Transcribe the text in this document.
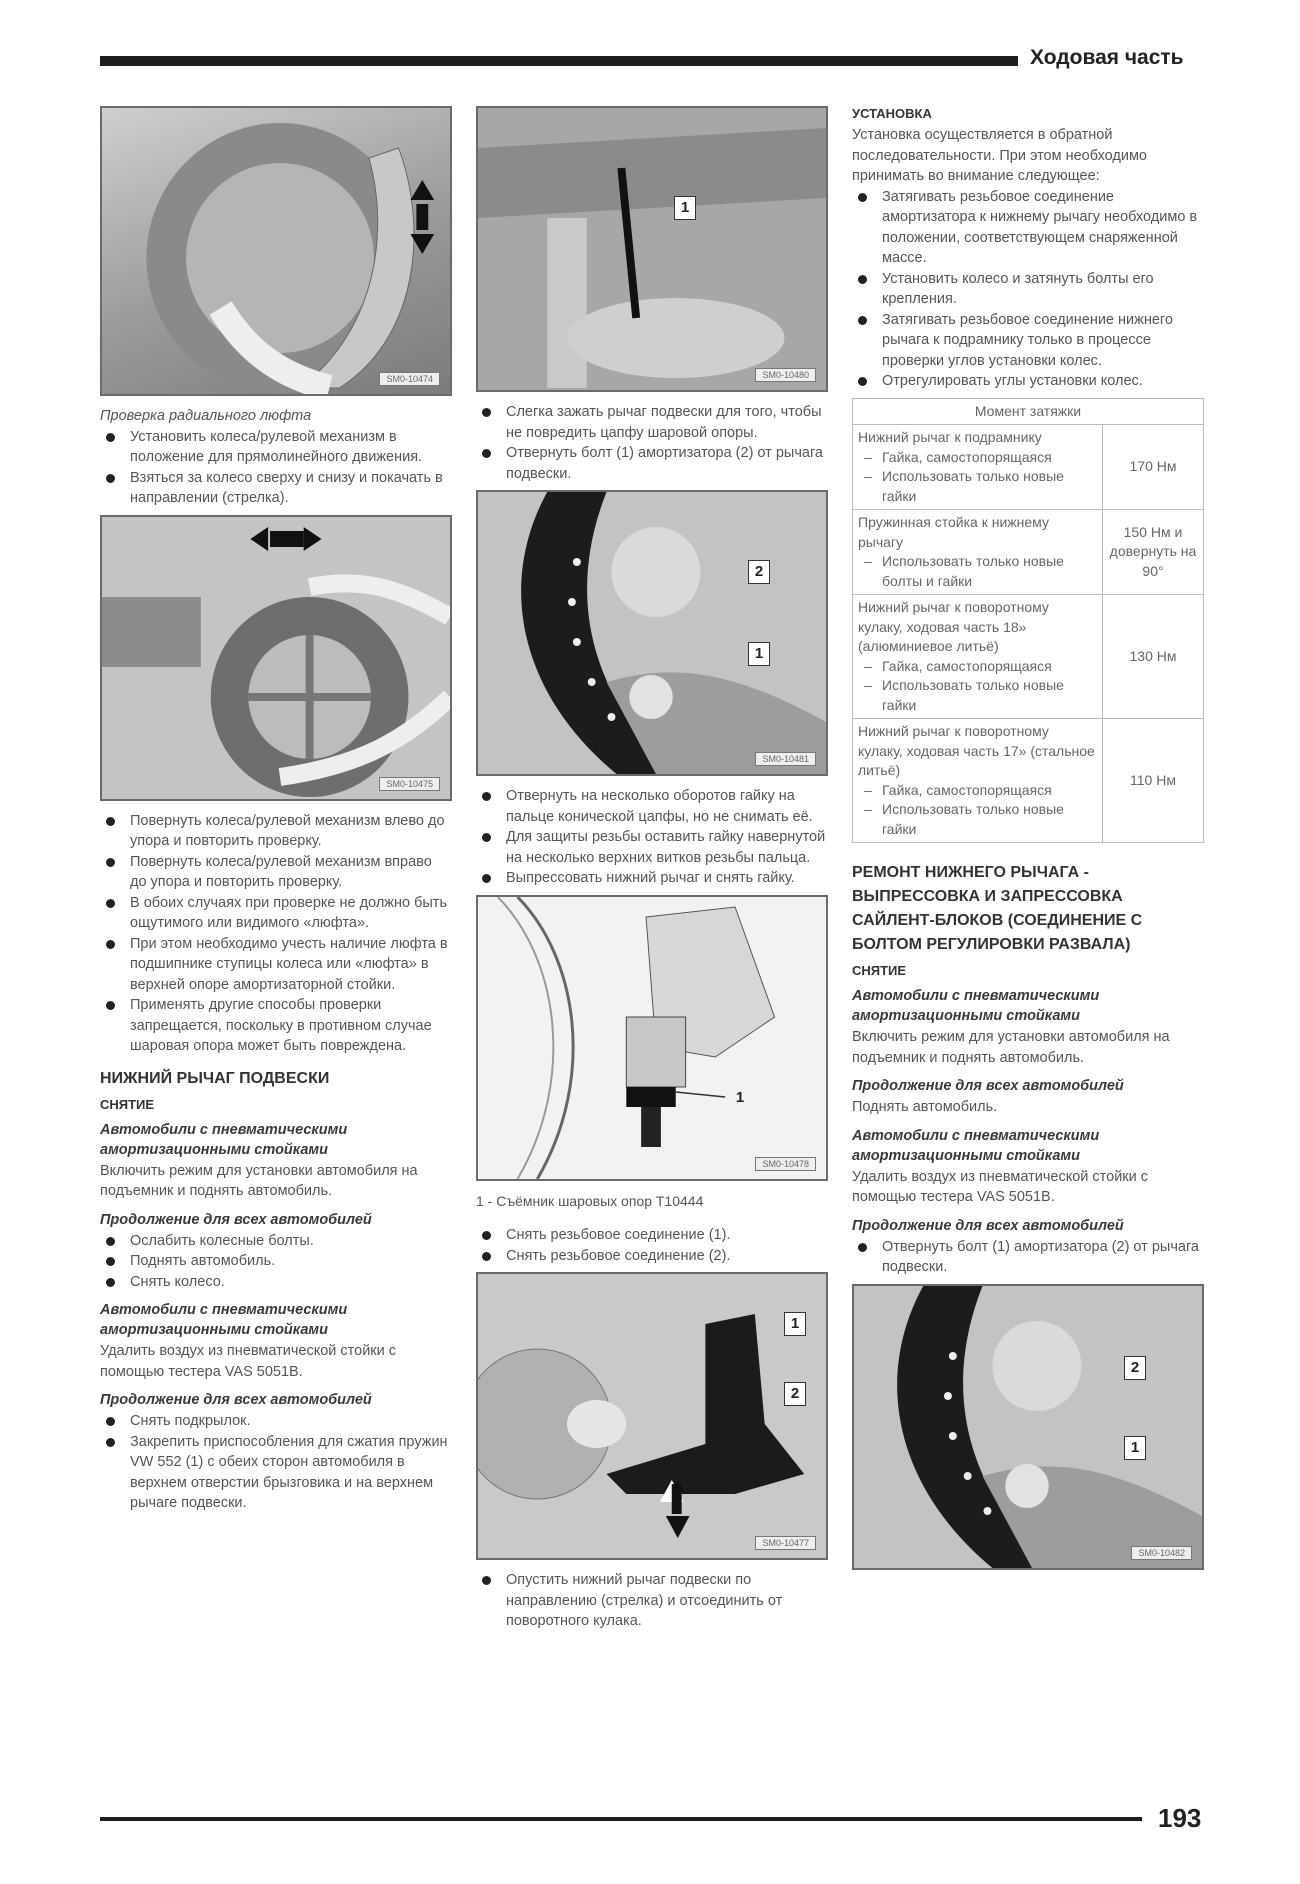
Ходовая часть
193
SM0-10474

Проверка радиального люфта

Установить колеса/рулевой механизм в положение для прямолинейного движения.
Взяться за колесо сверху и снизу и покачать в направлении (стрелка).
SM0-10475
Повернуть колеса/рулевой механизм влево до упора и повторить проверку.
Повернуть колеса/рулевой механизм вправо до упора и повторить проверку.
В обоих случаях при проверке не должно быть ощутимого или видимого «люфта».
При этом необходимо учесть наличие люфта в подшипнике ступицы колеса или «люфта» в верхней опоре амортизаторной стойки.
Применять другие способы проверки запрещается, поскольку в противном случае шаровая опора может быть повреждена.
НИЖНИЙ РЫЧАГ ПОДВЕСКИ
СНЯТИЕ
Автомобили с пневматическими амортизационными стойками

Включить режим для установки автомобиля на подъемник и поднять автомобиль.

Продолжение для всех автомобилей
Ослабить колесные болты.
Поднять автомобиль.
Снять колесо.
Автомобили с пневматическими амортизационными стойками

Удалить воздух из пневматической стойки с помощью тестера VAS 5051B.

Продолжение для всех автомобилей
Снять подкрылок.
Закрепить приспособления для сжатия пружин VW 552 (1) с обеих сторон автомобиля в верхнем отверстии брызговика и на верхнем рычаге подвески.
1
SM0-10480
Слегка зажать рычаг подвески для того, чтобы не повредить цапфу шаровой опоры.
Отвернуть болт (1) амортизатора (2) от рычага подвески.
2
1
SM0-10481
Отвернуть на несколько оборотов гайку на пальце конической цапфы, но не снимать её.
Для защиты резьбы оставить гайку навернутой на несколько верхних витков резьбы пальца.
Выпрессовать нижний рычаг и снять гайку.
1
SM0-10478

1 - Съёмник шаровых опор T10444

Снять резьбовое соединение (1).
Снять резьбовое соединение (2).
1
2
SM0-10477
Опустить нижний рычаг подвески по направлению (стрелка) и отсоединить от поворотного кулака.
УСТАНОВКА

Установка осуществляется в обратной последовательности. При этом необходимо принимать во внимание следующее:

Затягивать резьбовое соединение амортизатора к нижнему рычагу необходимо в положении, соответствующем снаряженной массе.
Установить колесо и затянуть болты его крепления.
Затягивать резьбовое соединение нижнего рычага к подрамнику только в процессе проверки углов установки колес.
Отрегулировать углы установки колес.
Момент затяжки	
Нижний рычаг к подрамнику
– Гайка, самостопорящаяся
– Использовать только новые гайки	170 Нм
Пружинная стойка к нижнему рычагу
– Использовать только новые болты и гайки	150 Нм и довернуть на 90°
Нижний рычаг к поворотному кулаку, ходовая часть 18» (алюминиевое литьё)
– Гайка, самостопорящаяся
– Использовать только новые гайки	130 Нм
Нижний рычаг к поворотному кулаку, ходовая часть 17» (стальное литьё)
– Гайка, самостопорящаяся
– Использовать только новые гайки	110 Нм
РЕМОНТ НИЖНЕГО РЫЧАГА - ВЫПРЕССОВКА И ЗАПРЕССОВКА САЙЛЕНТ-БЛОКОВ (СОЕДИНЕНИЕ С БОЛТОМ РЕГУЛИРОВКИ РАЗВАЛА)
СНЯТИЕ
Автомобили с пневматическими амортизационными стойками

Включить режим для установки автомобиля на подъемник и поднять автомобиль.

Продолжение для всех автомобилей

Поднять автомобиль.

Автомобили с пневматическими амортизационными стойками

Удалить воздух из пневматической стойки с помощью тестера VAS 5051B.

Продолжение для всех автомобилей
Отвернуть болт (1) амортизатора (2) от рычага подвески.
2
1
SM0-10482
